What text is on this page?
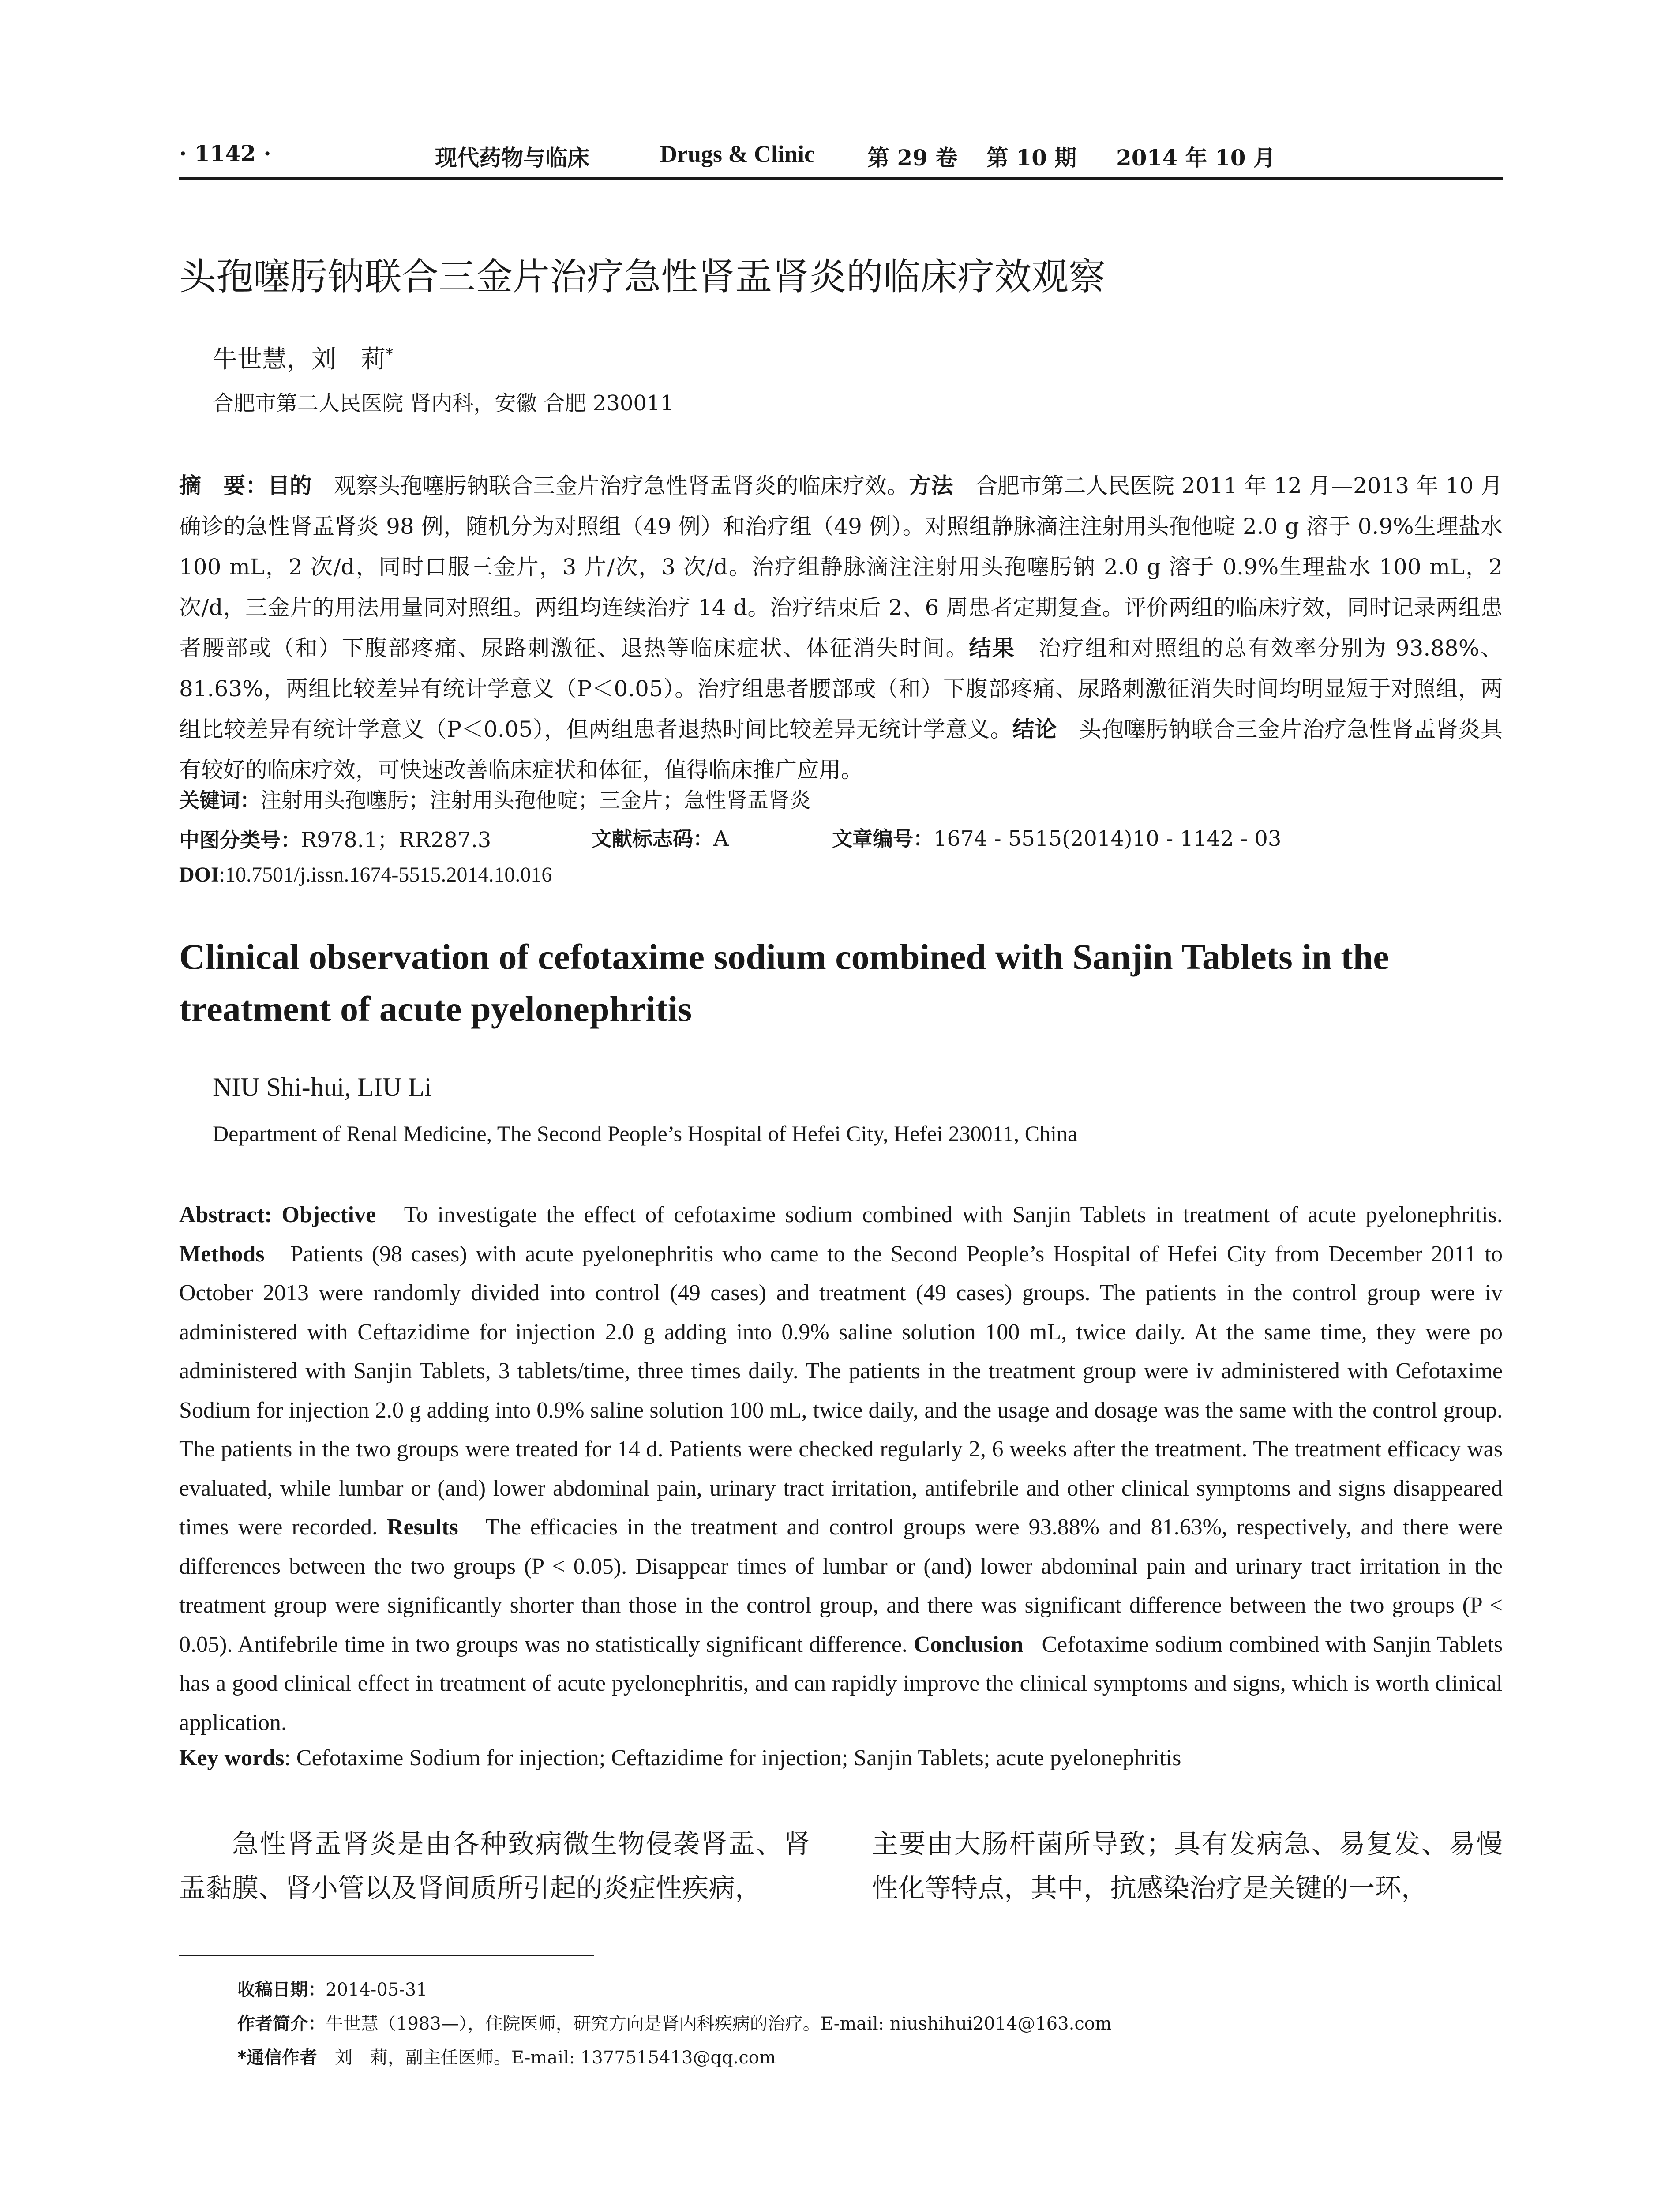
· 1142 ·	现代药物与临床	Drugs & Clinic 第 29 卷 第 10 期 2014 年 10 月
头孢噻肟钠联合三金片治疗急性肾盂肾炎的临床疗效观察
牛世慧，刘　莉*
合肥市第二人民医院 肾内科，安徽 合肥 230011
摘　要：目的　 观察头孢噻肟钠联合三金片治疗急性肾盂肾炎的临床疗效。方法　 合肥市第二人民医院 2011 年 12 月—2013 年 10 月确诊的急性肾盂肾炎 98 例，随机分为对照组（49 例）和治疗组（49 例）。对照组静脉滴注注射用头孢他啶 2.0 g 溶于 0.9%生理盐水 100 mL，2 次/d，同时口服三金片，3 片/次，3 次/d。治疗组静脉滴注注射用头孢噻肟钠 2.0 g 溶于 0.9%生理盐水 100 mL，2 次/d，三金片的用法用量同对照组。两组均连续治疗 14 d。治疗结束后 2、6 周患者定期复查。评价两组的临床疗效，同时记录两组患者腰部或（和）下腹部疼痛、尿路刺激征、退热等临床症状、体征消失时间。结果　 治疗组和对照组的总有效率分别为 93.88%、81.63%，两组比较差异有统计学意义（P＜0.05）。治疗组患者腰部或（和）下腹部疼痛、尿路刺激征消失时间均明显短于对照组，两组比较差异有统计学意义（P＜0.05），但两组患者退热时间比较差异无统计学意义。结论　 头孢噻肟钠联合三金片治疗急性肾盂肾炎具有较好的临床疗效，可快速改善临床症状和体征，值得临床推广应用。
关键词：注射用头孢噻肟；注射用头孢他啶；三金片；急性肾盂肾炎
中图分类号：R978.1；RR287.3	文献标志码：A	文章编号：1674 - 5515(2014)10 - 1142 - 03
DOI:10.7501/j.issn.1674-5515.2014.10.016
Clinical observation of cefotaxime sodium combined with Sanjin Tablets in the treatment of acute pyelonephritis
NIU Shi-hui, LIU Li
Department of Renal Medicine, The Second People’s Hospital of Hefei City, Hefei 230011, China
Abstract: Objective To investigate the effect of cefotaxime sodium combined with Sanjin Tablets in treatment of acute pyelonephritis. Methods Patients (98 cases) with acute pyelonephritis who came to the Second People’s Hospital of Hefei City from December 2011 to October 2013 were randomly divided into control (49 cases) and treatment (49 cases) groups. The patients in the control group were iv administered with Ceftazidime for injection 2.0 g adding into 0.9% saline solution 100 mL, twice daily. At the same time, they were po administered with Sanjin Tablets, 3 tablets/time, three times daily. The patients in the treatment group were iv administered with Cefotaxime Sodium for injection 2.0 g adding into 0.9% saline solution 100 mL, twice daily, and the usage and dosage was the same with the control group. The patients in the two groups were treated for 14 d. Patients were checked regularly 2, 6 weeks after the treatment. The treatment efficacy was evaluated, while lumbar or (and) lower abdominal pain, urinary tract irritation, antifebrile and other clinical symptoms and signs disappeared times were recorded. Results The efficacies in the treatment and control groups were 93.88% and 81.63%, respectively, and there were differences between the two groups (P < 0.05). Disappear times of lumbar or (and) lower abdominal pain and urinary tract irritation in the treatment group were significantly shorter than those in the control group, and there was significant difference between the two groups (P < 0.05). Antifebrile time in two groups was no statistically significant difference. Conclusion Cefotaxime sodium combined with Sanjin Tablets has a good clinical effect in treatment of acute pyelonephritis, and can rapidly improve the clinical symptoms and signs, which is worth clinical application.
Key words: Cefotaxime Sodium for injection; Ceftazidime for injection; Sanjin Tablets; acute pyelonephritis
急性肾盂肾炎是由各种致病微生物侵袭肾盂、肾盂黏膜、肾小管以及肾间质所引起的炎症性疾病，
主要由大肠杆菌所导致；具有发病急、易复发、易慢性化等特点，其中，抗感染治疗是关键的一环，
收稿日期：2014-05-31
作者简介：牛世慧（1983—），住院医师，研究方向是肾内科疾病的治疗。E-mail: niushihui2014@163.com
*通信作者　刘　莉，副主任医师。E-mail: 1377515413@qq.com
